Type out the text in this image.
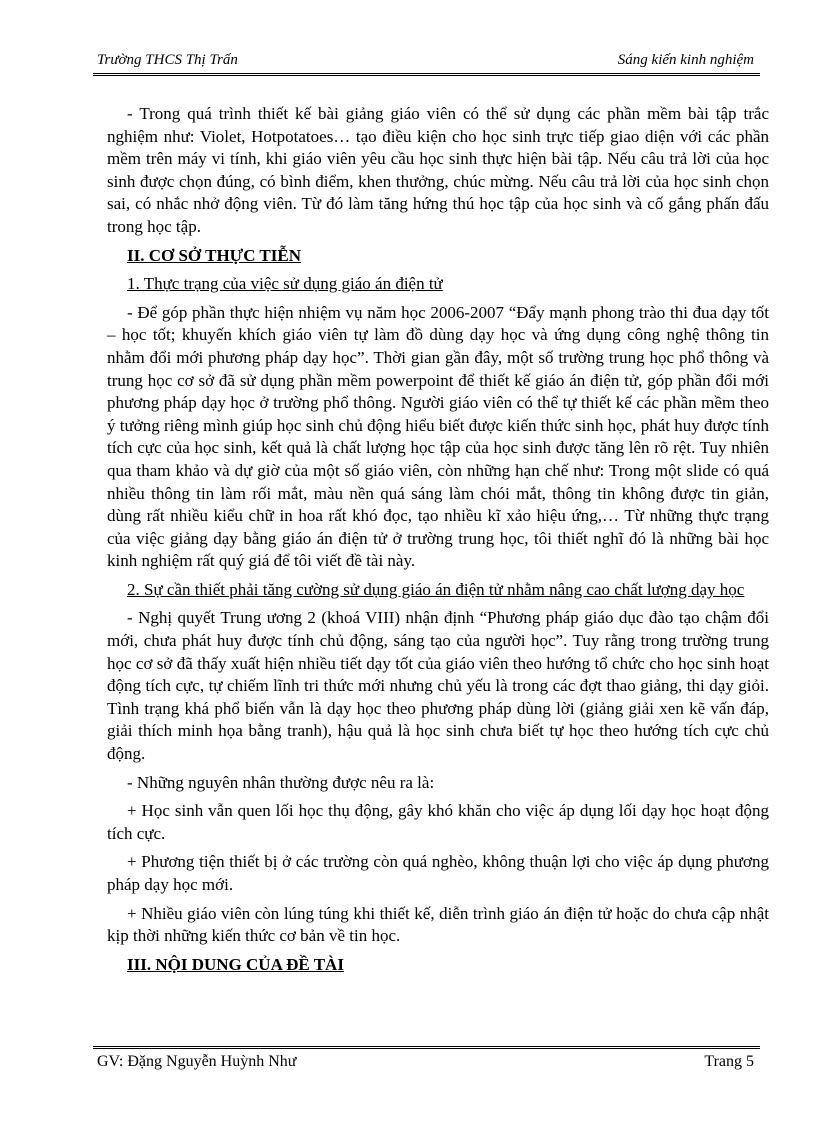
Trường THCS Thị Trấn	Sáng kiến kinh nghiệm

- Trong quá trình thiết kế bài giảng giáo viên có thể sử dụng các phần mềm bài tập trắc nghiệm như: Violet, Hotpotatoes… tạo điều kiện cho học sinh trực tiếp giao diện với các phần mềm trên máy vi tính, khi giáo viên yêu cầu học sinh thực hiện bài tập. Nếu câu trả lời của học sinh được chọn đúng, có bình điểm, khen thưởng, chúc mừng. Nếu câu trả lời của học sinh chọn sai, có nhắc nhở động viên. Từ đó làm tăng hứng thú học tập của học sinh và cố gắng phấn đấu trong học tập.

II. CƠ SỞ THỰC TIỄN

1. Thực trạng của việc sử dụng giáo án điện tử

- Để góp phần thực hiện nhiệm vụ năm học 2006-2007 “Đẩy mạnh phong trào thi đua dạy tốt – học tốt; khuyến khích giáo viên tự làm đồ dùng dạy học và ứng dụng công nghệ thông tin nhằm đổi mới phương pháp dạy học”. Thời gian gần đây, một số trường trung học phổ thông và trung học cơ sở đã sử dụng phần mềm powerpoint để thiết kế giáo án điện tử, góp phần đổi mới phương pháp dạy học ở trường phổ thông. Người giáo viên có thể tự thiết kế các phần mềm theo ý tưởng riêng mình giúp học sinh chủ động hiểu biết được kiến thức sinh học, phát huy được tính tích cực của học sinh, kết quả là chất lượng học tập của học sinh được tăng lên rõ rệt. Tuy nhiên qua tham khảo và dự giờ của một số giáo viên, còn những hạn chế như: Trong một slide có quá nhiều thông tin làm rối mắt, màu nền quá sáng làm chói mắt, thông tin không được tin giản, dùng rất nhiều kiểu chữ in hoa rất khó đọc, tạo nhiều kĩ xảo hiệu ứng,… Từ những thực trạng của việc giảng dạy bằng giáo án điện tử ở trường trung học, tôi thiết nghĩ đó là những bài học kinh nghiệm rất quý giá để tôi viết đề tài này.

2. Sự cần thiết phải tăng cường sử dụng giáo án điện tử nhằm nâng cao chất lượng dạy học

- Nghị quyết Trung ương 2 (khoá VIII) nhận định “Phương pháp giáo dục đào tạo chậm đổi mới, chưa phát huy được tính chủ động, sáng tạo của người học”. Tuy rằng trong trường trung học cơ sở đã thấy xuất hiện nhiều tiết dạy tốt của giáo viên theo hướng tổ chức cho học sinh hoạt động tích cực, tự chiếm lĩnh tri thức mới nhưng chủ yếu là trong các đợt thao giảng, thi dạy giỏi. Tình trạng khá phổ biến vẫn là dạy học theo phương pháp dùng lời (giảng giải xen kẽ vấn đáp, giải thích minh họa bằng tranh), hậu quả là học sinh chưa biết tự học theo hướng tích cực chủ động.

- Những nguyên nhân thường được nêu ra là:

+ Học sinh vẫn quen lối học thụ động, gây khó khăn cho việc áp dụng lối dạy học hoạt động tích cực.

+ Phương tiện thiết bị ở các trường còn quá nghèo, không thuận lợi cho việc áp dụng phương pháp dạy học mới.

+ Nhiều giáo viên còn lúng túng khi thiết kế, diễn trình giáo án điện tử hoặc do chưa cập nhật kịp thời những kiến thức cơ bản về tin học.

III. NỘI DUNG CỦA ĐỀ TÀI

GV: Đặng Nguyễn Huỳnh Như	Trang 5
